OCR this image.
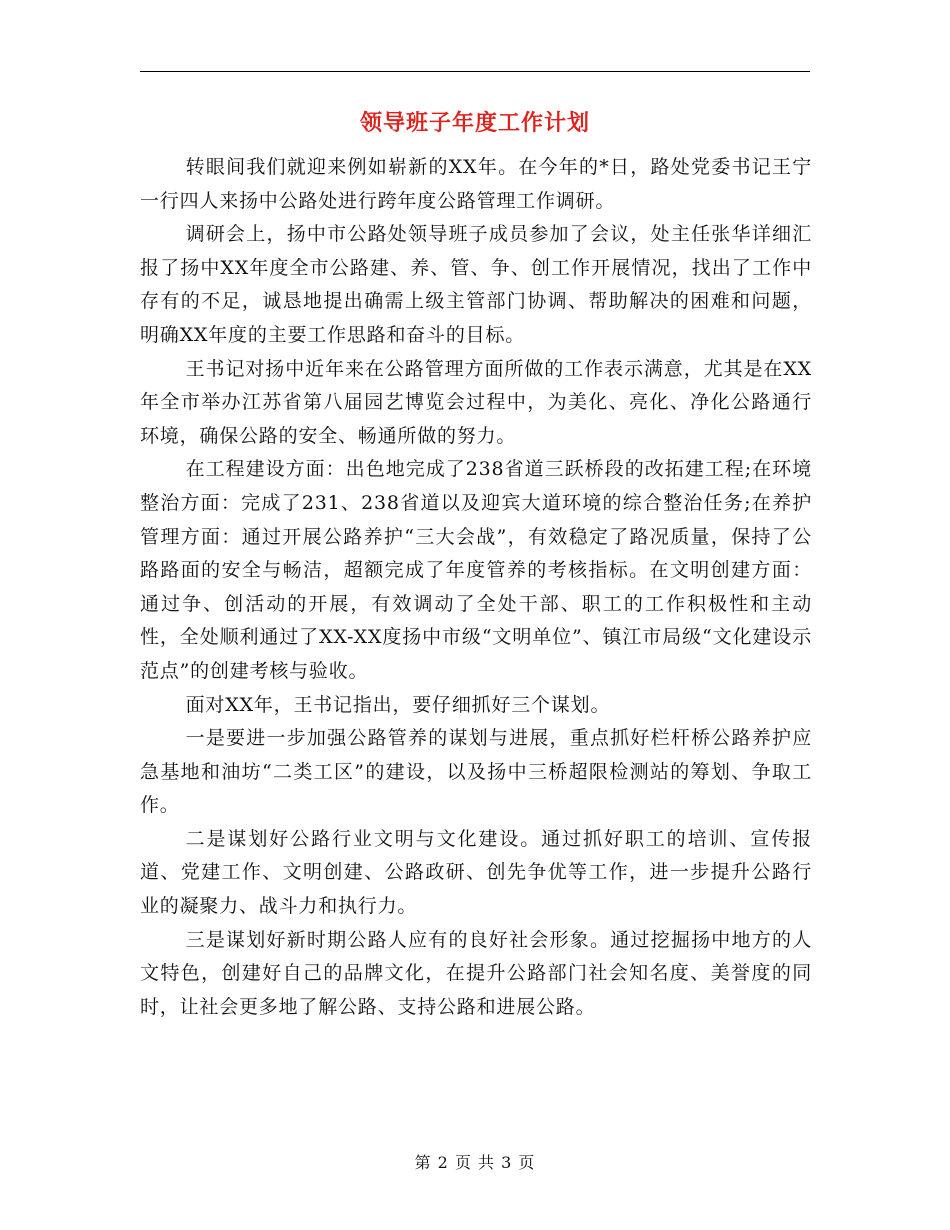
领导班子年度工作计划

转眼间我们就迎来例如崭新的XX年。在今年的*日，路处党委书记王宁一行四人来扬中公路处进行跨年度公路管理工作调研。

调研会上，扬中市公路处领导班子成员参加了会议，处主任张华详细汇报了扬中XX年度全市公路建、养、管、争、创工作开展情况，找出了工作中存有的不足，诚恳地提出确需上级主管部门协调、帮助解决的困难和问题，明确XX年度的主要工作思路和奋斗的目标。

王书记对扬中近年来在公路管理方面所做的工作表示满意，尤其是在XX年全市举办江苏省第八届园艺博览会过程中，为美化、亮化、净化公路通行环境，确保公路的安全、畅通所做的努力。

在工程建设方面：出色地完成了238省道三跃桥段的改拓建工程;在环境整治方面：完成了231、238省道以及迎宾大道环境的综合整治任务;在养护管理方面：通过开展公路养护“三大会战”，有效稳定了路况质量，保持了公路路面的安全与畅洁，超额完成了年度管养的考核指标。在文明创建方面：通过争、创活动的开展，有效调动了全处干部、职工的工作积极性和主动性，全处顺利通过了XX-XX度扬中市级“文明单位”、镇江市局级“文化建设示范点”的创建考核与验收。

面对XX年，王书记指出，要仔细抓好三个谋划。

一是要进一步加强公路管养的谋划与进展，重点抓好栏杆桥公路养护应急基地和油坊“二类工区”的建设，以及扬中三桥超限检测站的筹划、争取工作。

二是谋划好公路行业文明与文化建设。通过抓好职工的培训、宣传报道、党建工作、文明创建、公路政研、创先争优等工作，进一步提升公路行业的凝聚力、战斗力和执行力。

三是谋划好新时期公路人应有的良好社会形象。通过挖掘扬中地方的人文特色，创建好自己的品牌文化，在提升公路部门社会知名度、美誉度的同时，让社会更多地了解公路、支持公路和进展公路。

第 2 页 共 3 页
